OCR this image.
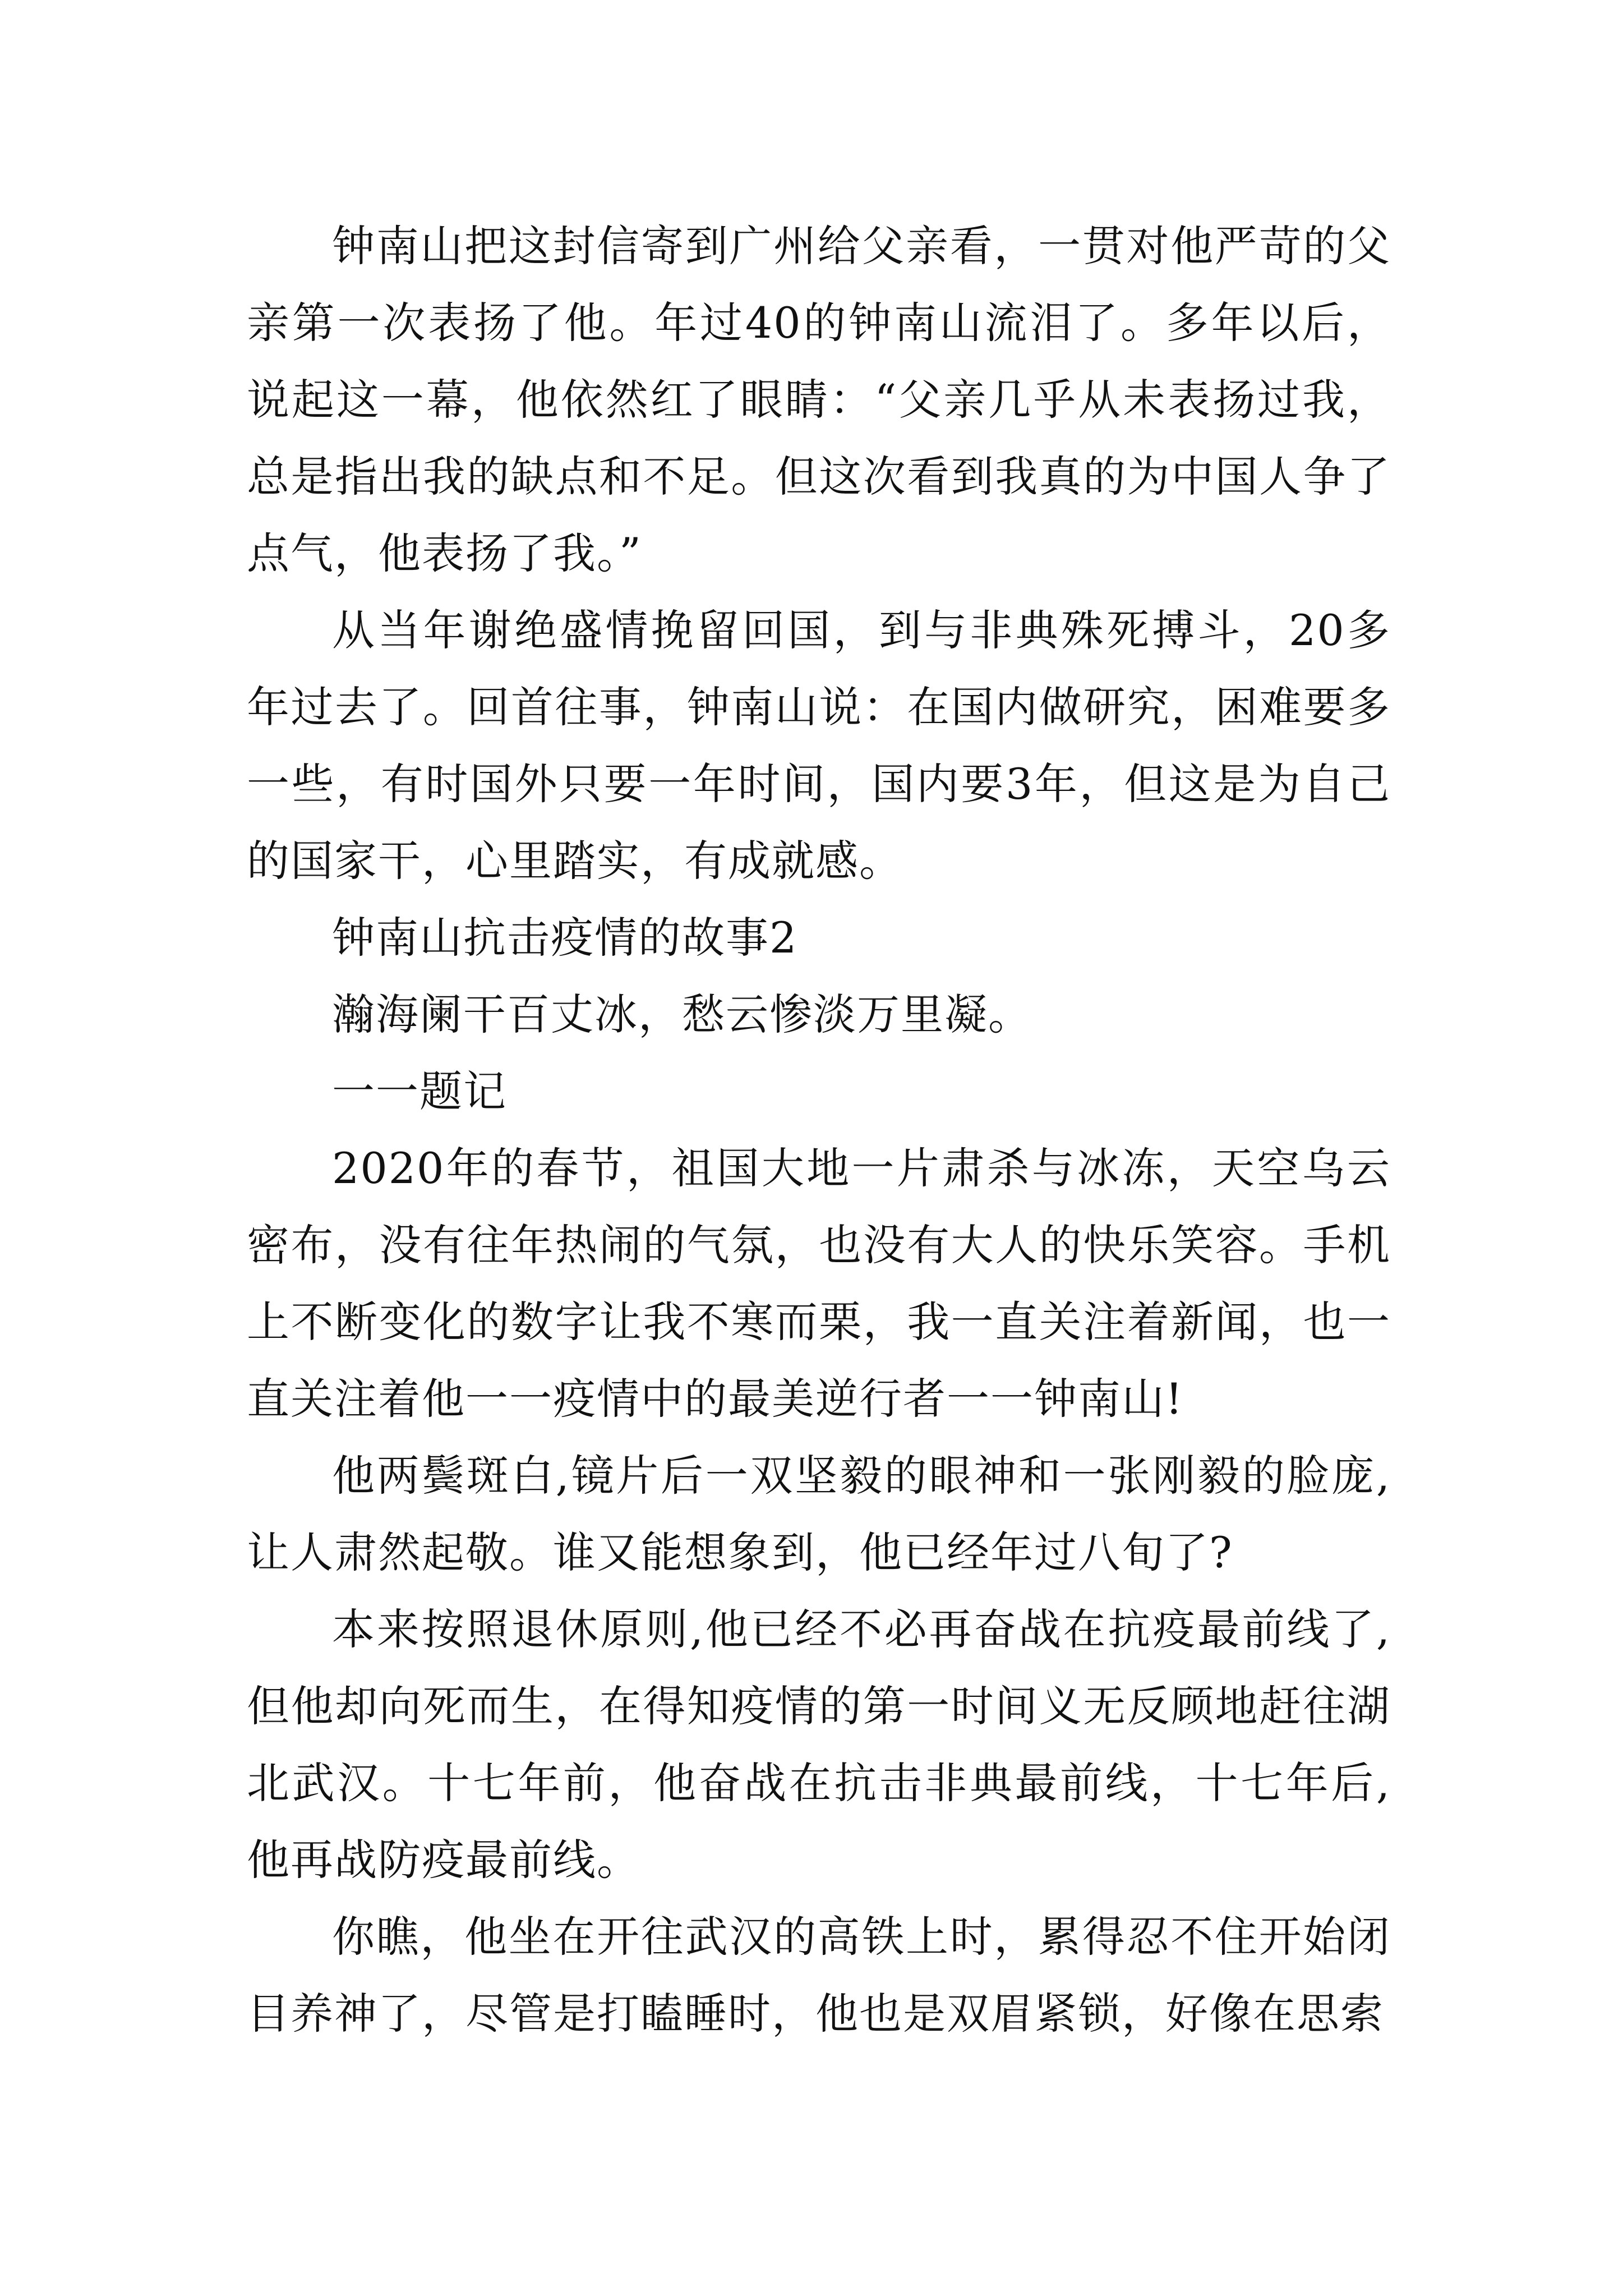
钟南山把这封信寄到广州给父亲看，一贯对他严苛的父亲第一次表扬了他。年过40的钟南山流泪了。多年以后，说起这一幕，他依然红了眼睛：“父亲几乎从未表扬过我，总是指出我的缺点和不足。但这次看到我真的为中国人争了点气，他表扬了我。”

从当年谢绝盛情挽留回国，到与非典殊死搏斗，20多年过去了。回首往事，钟南山说：在国内做研究，困难要多一些，有时国外只要一年时间，国内要3年，但这是为自己的国家干，心里踏实，有成就感。

钟南山抗击疫情的故事2

瀚海阑干百丈冰，愁云惨淡万里凝。

一一题记

2020年的春节，祖国大地一片肃杀与冰冻，天空乌云密布，没有往年热闹的气氛，也没有大人的快乐笑容。手机上不断变化的数字让我不寒而栗，我一直关注着新闻，也一直关注着他一一疫情中的最美逆行者一一钟南山!

他两鬓斑白,镜片后一双坚毅的眼神和一张刚毅的脸庞,让人肃然起敬。谁又能想象到，他已经年过八旬了?

本来按照退休原则,他已经不必再奋战在抗疫最前线了,但他却向死而生，在得知疫情的第一时间义无反顾地赶往湖北武汉。十七年前，他奋战在抗击非典最前线，十七年后,他再战防疫最前线。

你瞧，他坐在开往武汉的高铁上时，累得忍不住开始闭目养神了，尽管是打瞌睡时，他也是双眉紧锁，好像在思索
